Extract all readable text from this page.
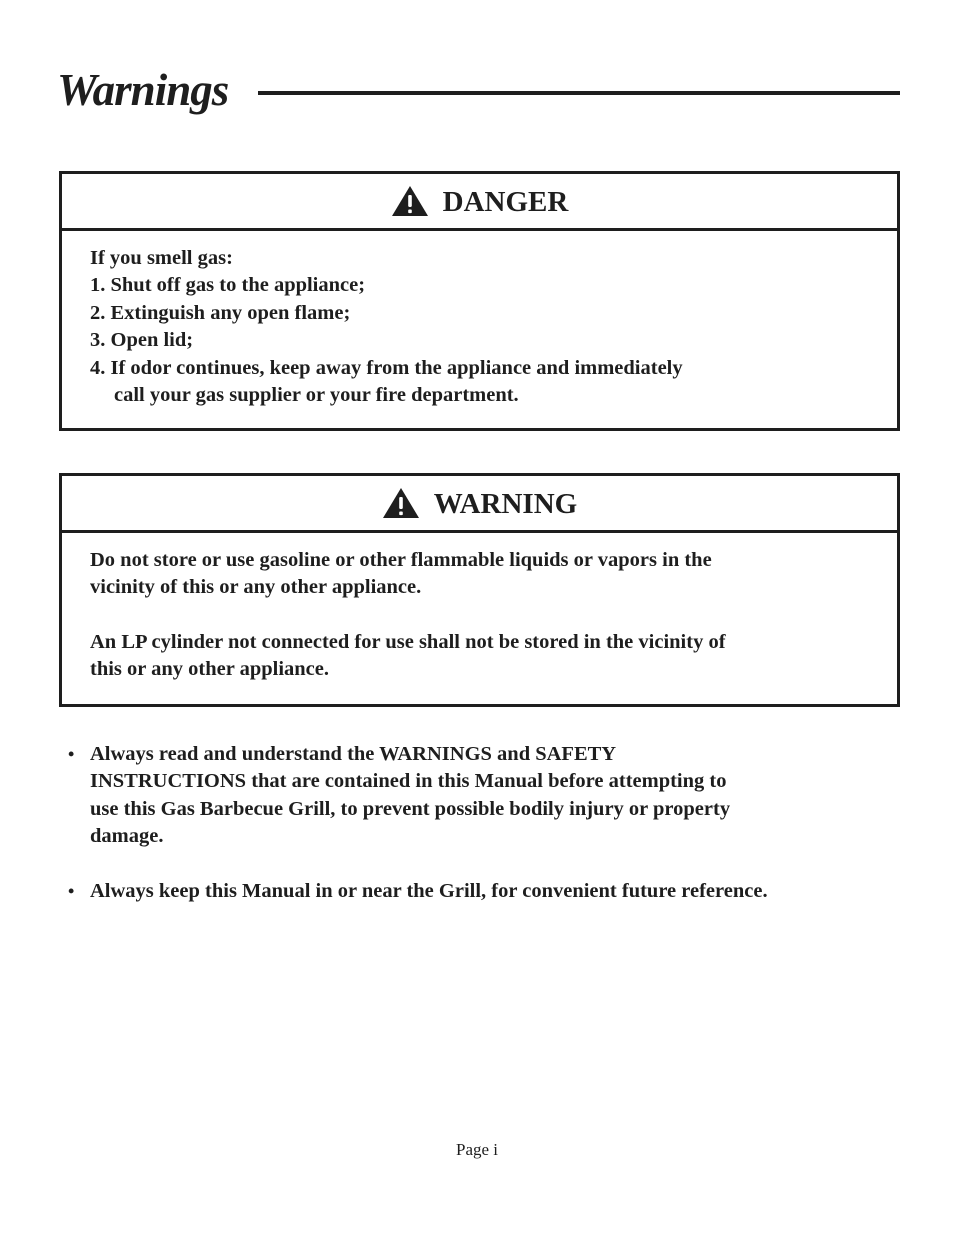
Warnings
DANGER
If you smell gas:
1. Shut off gas to the appliance;
2. Extinguish any open flame;
3. Open lid;
4. If odor continues, keep away from the appliance and immediately
call your gas supplier or your fire department.
WARNING
Do not store or use gasoline or other flammable liquids or vapors in the
vicinity of this or any other appliance.
An LP cylinder not connected for use shall not be stored in the vicinity of
this or any other appliance.
• Always read and understand the WARNINGS and SAFETY
INSTRUCTIONS that are contained in this Manual before attempting to
use this Gas Barbecue Grill, to prevent possible bodily injury or property
damage.
• Always keep this Manual in or near the Grill, for convenient future reference.
Page i
